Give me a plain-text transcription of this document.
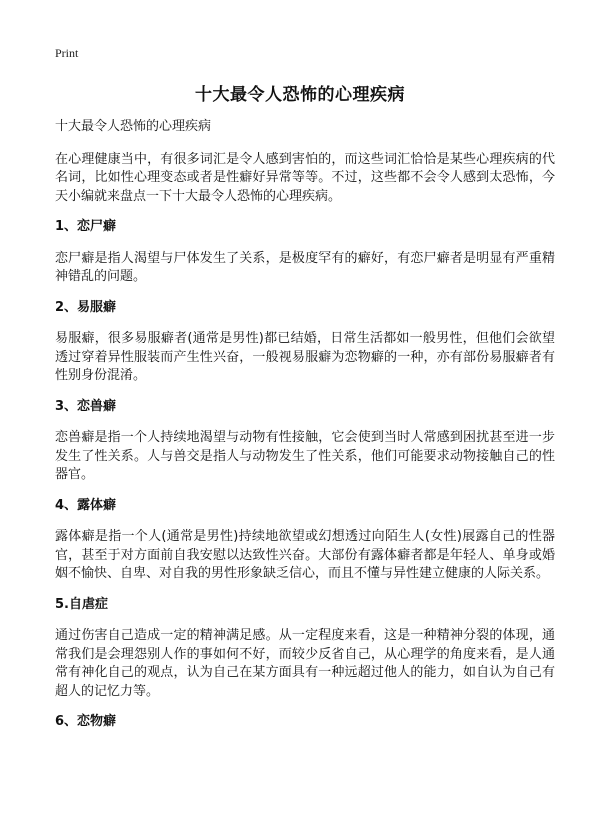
Print
十大最令人恐怖的心理疾病

十大最令人恐怖的心理疾病

在心理健康当中，有很多词汇是令人感到害怕的，而这些词汇恰恰是某些心理疾病的代名词，比如性心理变态或者是性癖好异常等等。不过，这些都不会令人感到太恐怖，今天小编就来盘点一下十大最令人恐怖的心理疾病。

1、恋尸癖

恋尸癖是指人渴望与尸体发生了关系，是极度罕有的癖好，有恋尸癖者是明显有严重精神错乱的问题。

2、易服癖

易服癖，很多易服癖者(通常是男性)都已结婚，日常生活都如一般男性，但他们会欲望透过穿着异性服装而产生性兴奋，一般视易服癖为恋物癖的一种，亦有部份易服癖者有性别身份混淆。

3、恋兽癖

恋兽癖是指一个人持续地渴望与动物有性接触，它会使到当时人常感到困扰甚至进一步发生了性关系。人与兽交是指人与动物发生了性关系，他们可能要求动物接触自己的性器官。

4、露体癖

露体癖是指一个人(通常是男性)持续地欲望或幻想透过向陌生人(女性)展露自己的性器官，甚至于对方面前自我安慰以达致性兴奋。大部份有露体癖者都是年轻人、单身或婚姻不愉快、自卑、对自我的男性形象缺乏信心，而且不懂与异性建立健康的人际关系。

5.自虐症

通过伤害自己造成一定的精神满足感。从一定程度来看，这是一种精神分裂的体现，通常我们是会理怨别人作的事如何不好，而较少反省自己，从心理学的角度来看，是人通常有神化自己的观点，认为自己在某方面具有一种远超过他人的能力，如自认为自己有超人的记忆力等。

6、恋物癖
